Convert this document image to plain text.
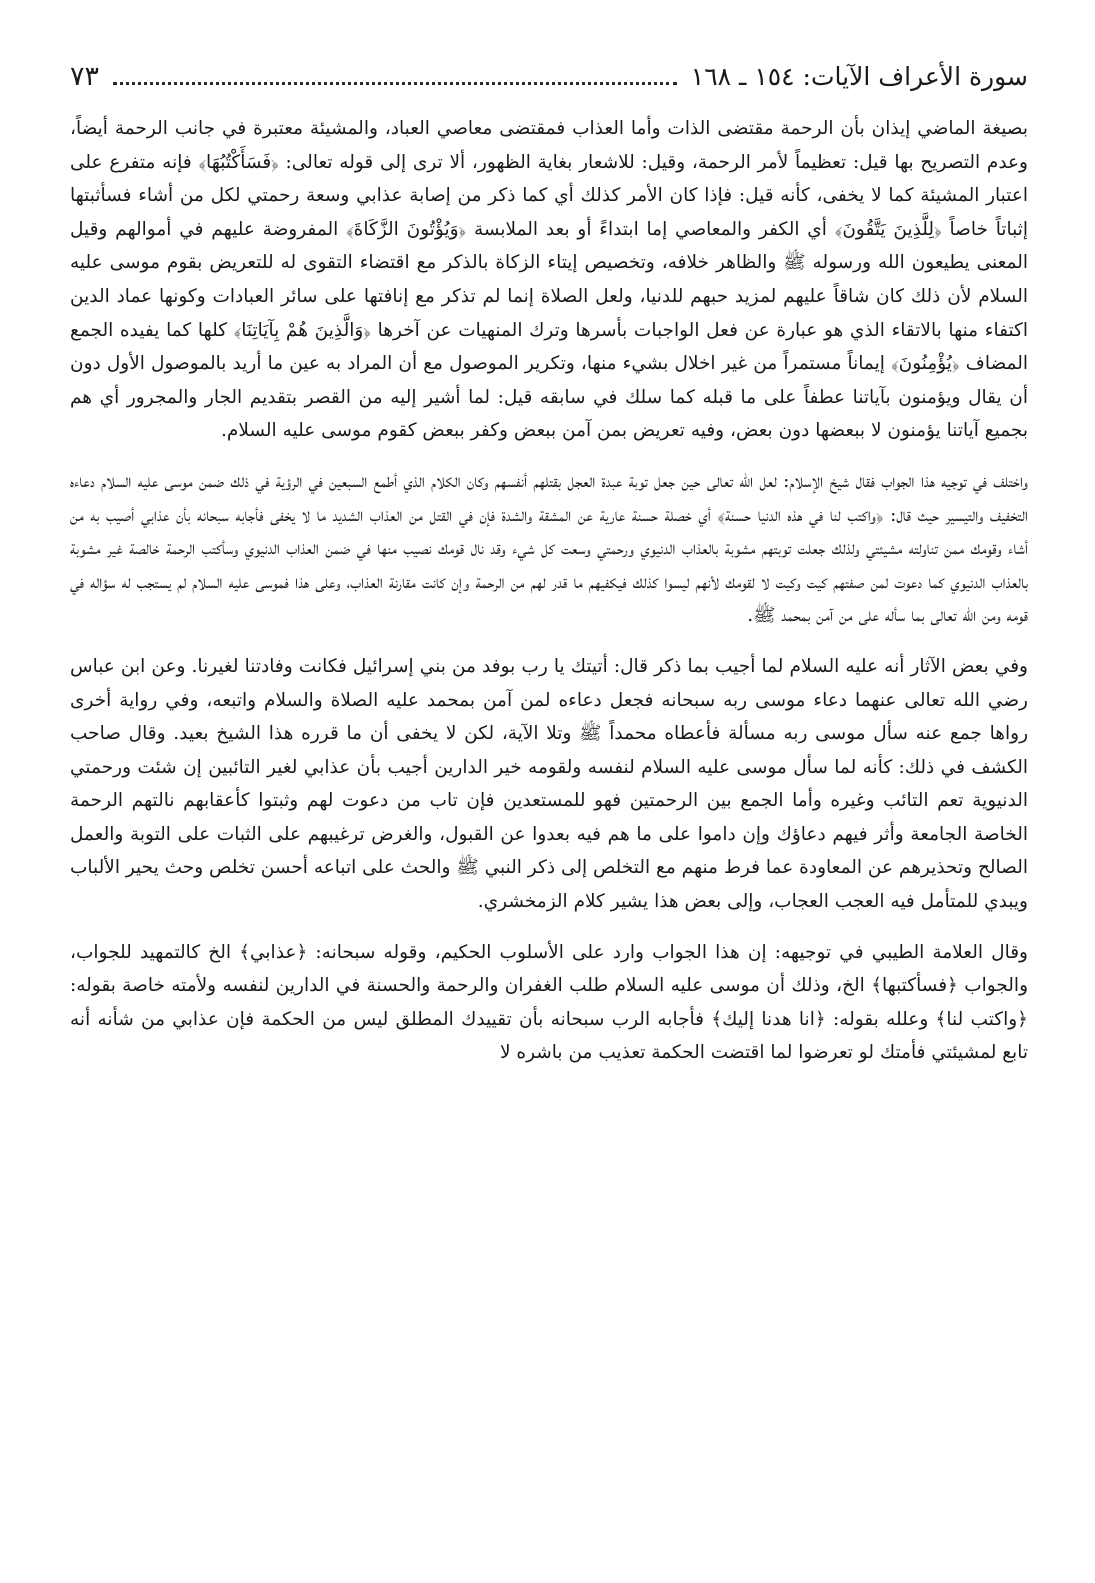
سورة الأعراف الآيات: ١٥٤ ـ ١٦٨
٧٣

بصيغة الماضي إيذان بأن الرحمة مقتضى الذات وأما العذاب فمقتضى معاصي العباد، والمشيئة معتبرة في جانب الرحمة أيضاً، وعدم التصريح بها قيل: تعظيماً لأمر الرحمة، وقيل: للاشعار بغاية الظهور، ألا ترى إلى قوله تعالى: ﴿فَسَأَكْتُبُهَا﴾ فإنه متفرع على اعتبار المشيئة كما لا يخفى، كأنه قيل: فإذا كان الأمر كذلك أي كما ذكر من إصابة عذابي وسعة رحمتي لكل من أشاء فسأثبتها إثباتاً خاصاً ﴿لِلَّذِينَ يَتَّقُونَ﴾ أي الكفر والمعاصي إما ابتداءً أو بعد الملابسة ﴿وَيُؤْتُونَ الزَّكَاةَ﴾ المفروضة عليهم في أموالهم وقيل المعنى يطيعون الله ورسوله ﷺ والظاهر خلافه، وتخصيص إيتاء الزكاة بالذكر مع اقتضاء التقوى له للتعريض بقوم موسى عليه السلام لأن ذلك كان شاقاً عليهم لمزيد حبهم للدنيا، ولعل الصلاة إنما لم تذكر مع إنافتها على سائر العبادات وكونها عماد الدين اكتفاء منها بالاتقاء الذي هو عبارة عن فعل الواجبات بأسرها وترك المنهيات عن آخرها ﴿وَالَّذِينَ هُمْ بِآيَاتِنَا﴾ كلها كما يفيده الجمع المضاف ﴿يُؤْمِنُونَ﴾ إيماناً مستمراً من غير اخلال بشيء منها، وتكرير الموصول مع أن المراد به عين ما أريد بالموصول الأول دون أن يقال ويؤمنون بآياتنا عطفاً على ما قبله كما سلك في سابقه قيل: لما أشير إليه من القصر بتقديم الجار والمجرور أي هم بجميع آياتنا يؤمنون لا ببعضها دون بعض، وفيه تعريض بمن آمن ببعض وكفر ببعض كقوم موسى عليه السلام.

واختلف في توجيه هذا الجواب فقال شيخ الإسلام: لعل الله تعالى حين جعل توبة عبدة العجل بقتلهم أنفسهم وكان الكلام الذي أطمع السبعين في الرؤية في ذلك ضمن موسى عليه السلام دعاءه التخفيف والتيسير حيث قال: ﴿واكتب لنا في هذه الدنيا حسنة﴾ أي خصلة حسنة عارية عن المشقة والشدة فإن في القتل من العذاب الشديد ما لا يخفى فأجابه سبحانه بأن عذابي أصيب به من أشاء وقومك ممن تناولته مشيئتي ولذلك جعلت توبتهم مشوبة بالعذاب الدنيوي ورحمتي وسعت كل شيء وقد نال قومك نصيب منها في ضمن العذاب الدنيوي وسأكتب الرحمة خالصة غير مشوبة بالعذاب الدنيوي كما دعوت لمن صفتهم كيت وكيت لا لقومك لأنهم ليسوا كذلك فيكفيهم ما قدر لهم من الرحمة وإن كانت مقارنة العذاب، وعلى هذا فموسى عليه السلام لم يستجب له سؤاله في قومه ومن الله تعالى بما سأله على من آمن بمحمد ﷺ.

وفي بعض الآثار أنه عليه السلام لما أجيب بما ذكر قال: أتيتك يا رب بوفد من بني إسرائيل فكانت وفادتنا لغيرنا. وعن ابن عباس رضي الله تعالى عنهما دعاء موسى ربه سبحانه فجعل دعاءه لمن آمن بمحمد عليه الصلاة والسلام واتبعه، وفي رواية أخرى رواها جمع عنه سأل موسى ربه مسألة فأعطاه محمداً ﷺ وتلا الآية، لكن لا يخفى أن ما قرره هذا الشيخ بعيد. وقال صاحب الكشف في ذلك: كأنه لما سأل موسى عليه السلام لنفسه ولقومه خير الدارين أجيب بأن عذابي لغير التائبين إن شئت ورحمتي الدنيوية تعم التائب وغيره وأما الجمع بين الرحمتين فهو للمستعدين فإن تاب من دعوت لهم وثبتوا كأعقابهم نالتهم الرحمة الخاصة الجامعة وأثر فيهم دعاؤك وإن داموا على ما هم فيه بعدوا عن القبول، والغرض ترغيبهم على الثبات على التوبة والعمل الصالح وتحذيرهم عن المعاودة عما فرط منهم مع التخلص إلى ذكر النبي ﷺ والحث على اتباعه أحسن تخلص وحث يحير الألباب ويبدي للمتأمل فيه العجب العجاب، وإلى بعض هذا يشير كلام الزمخشري.

وقال العلامة الطيبي في توجيهه: إن هذا الجواب وارد على الأسلوب الحكيم، وقوله سبحانه: ﴿عذابي﴾ الخ كالتمهيد للجواب، والجواب ﴿فسأكتبها﴾ الخ، وذلك أن موسى عليه السلام طلب الغفران والرحمة والحسنة في الدارين لنفسه ولأمته خاصة بقوله: ﴿واكتب لنا﴾ وعلله بقوله: ﴿انا هدنا إليك﴾ فأجابه الرب سبحانه بأن تقييدك المطلق ليس من الحكمة فإن عذابي من شأنه أنه تابع لمشيئتي فأمتك لو تعرضوا لما اقتضت الحكمة تعذيب من باشره لا
